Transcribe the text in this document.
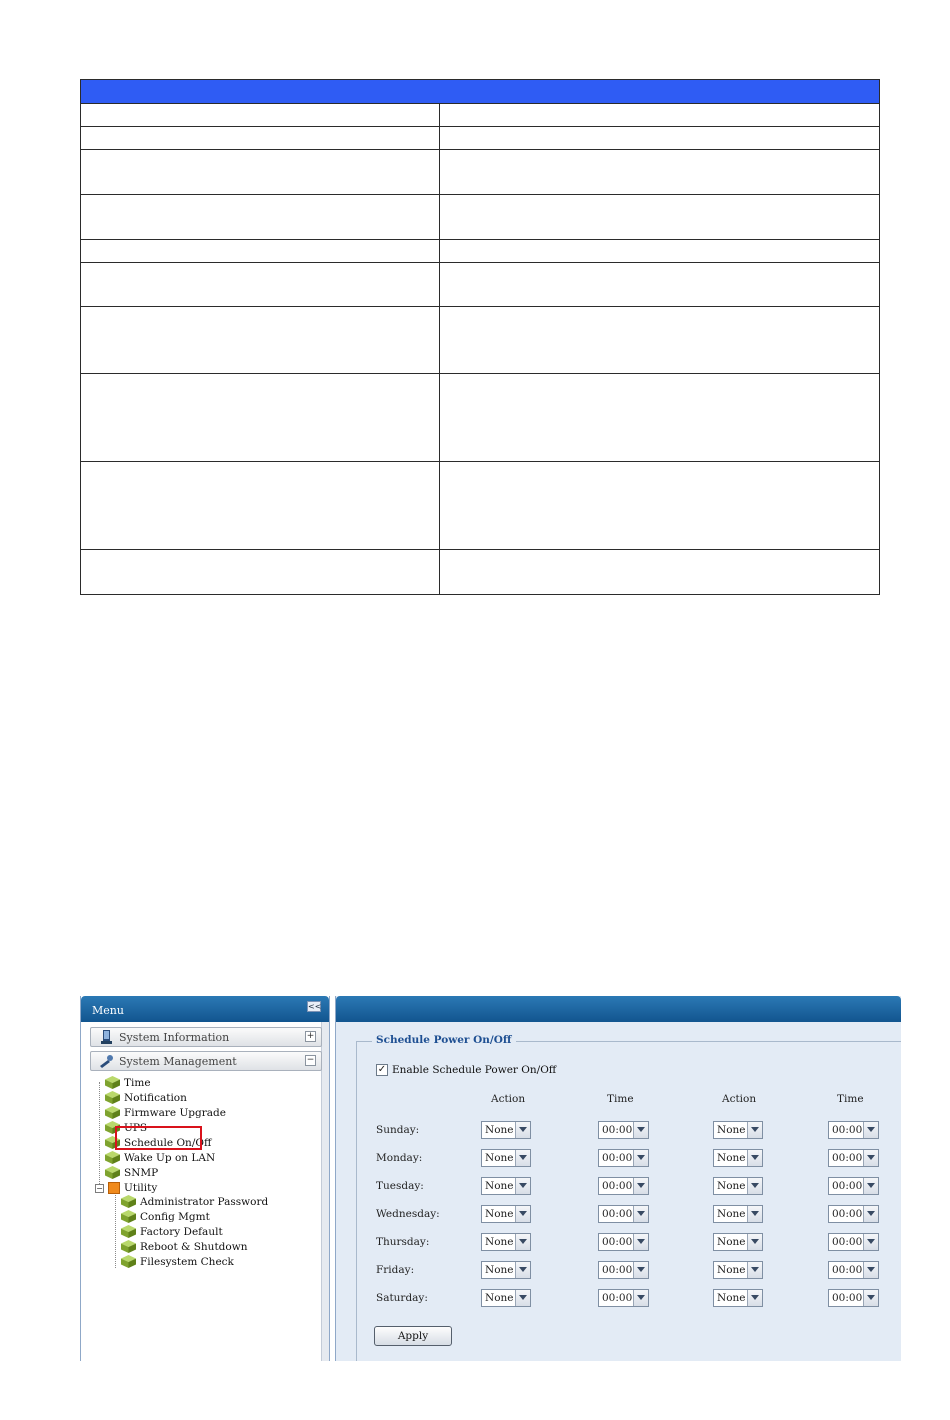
Menu	<<
System Information	+
System Management	−
Time
Notification
Firmware Upgrade
UPS
Schedule On/Off
Wake Up on LAN
SNMP
− Utility
Administrator Password
Config Mgmt
Factory Default
Reboot & Shutdown
Filesystem Check
Schedule Power On/Off
✓ Enable Schedule Power On/Off
Action	Time	Action	Time
Sunday:	None	00:00	None	00:00
Monday:	None	00:00	None	00:00
Tuesday:	None	00:00	None	00:00
Wednesday:	None	00:00	None	00:00
Thursday:	None	00:00	None	00:00
Friday:	None	00:00	None	00:00
Saturday:	None	00:00	None	00:00
Apply
